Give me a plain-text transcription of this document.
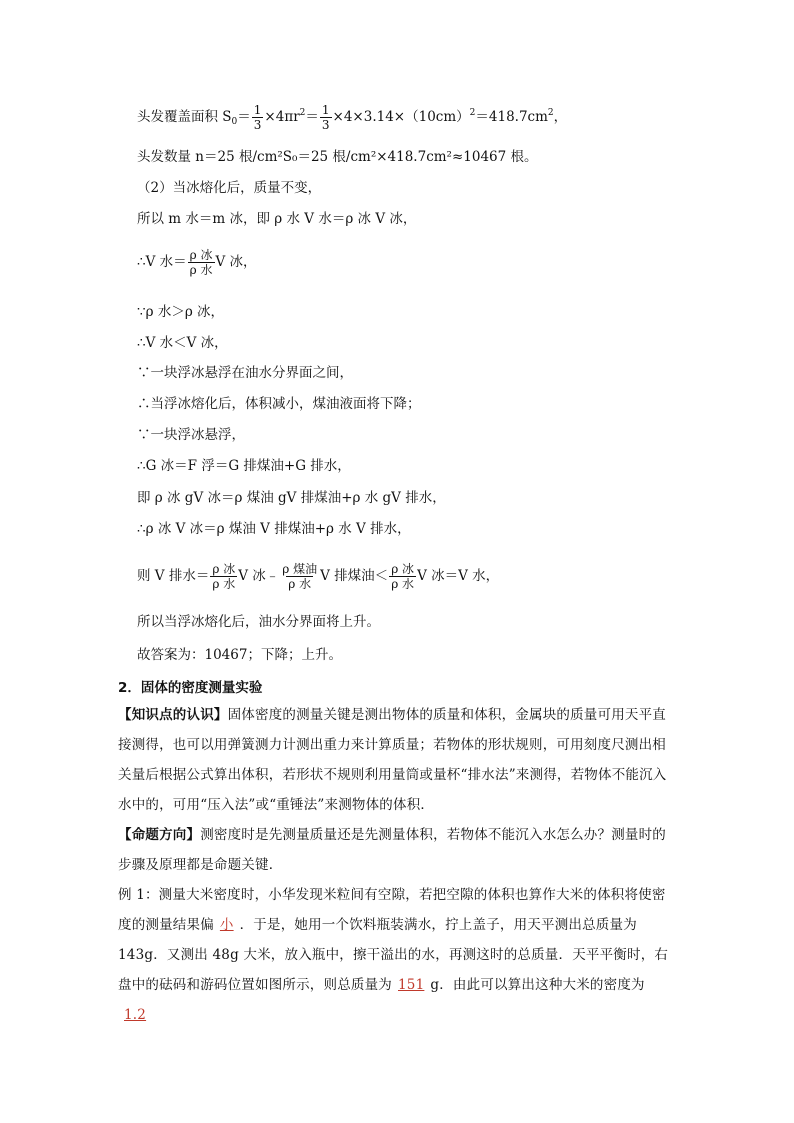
头发覆盖面积 $S_0= \frac{1}{3} \times 4\pi r^2= \frac{1}{3} \times 4\times 3.14\times(10cm)^2=418.7cm^2$，
头发数量 n＝25 根/cm²S₀＝25 根/cm²×418.7cm²≈10467 根。
（2）当冰熔化后，质量不变，
所以 m 水＝m 冰，即 ρ 水 V 水＝ρ 冰 V 冰，
∴V 水＝ $\frac{\text{ρ 冰}}{\text{ρ 水}}$ V 冰，
∵ρ 水＞ρ 冰，
∴V 水＜V 冰，
∵一块浮冰悬浮在油水分界面之间，
∴当浮冰熔化后，体积减小，煤油液面将下降；
∵一块浮冰悬浮，
∴G 冰＝F 浮＝G 排煤油+G 排水，
即 ρ 冰 gV 冰＝ρ 煤油 gV 排煤油+ρ 水 gV 排水，
∴ρ 冰 V 冰＝ρ 煤油 V 排煤油+ρ 水 V 排水，
则 V 排水＝ $\frac{\text{ρ 冰}}{\text{ρ 水}}$ V 冰﹣ $\frac{\text{ρ 煤油}}{\text{ρ 水}}$ V 排煤油＜ $\frac{\text{ρ 冰}}{\text{ρ 水}}$ V 冰＝V 水，
所以当浮冰熔化后，油水分界面将上升。
故答案为：10467；下降；上升。
2．固体的密度测量实验
【知识点的认识】固体密度的测量关键是测出物体的质量和体积，金属块的质量可用天平直接测得，也可以用弹簧测力计测出重力来计算质量；若物体的形状规则，可用刻度尺测出相关量后根据公式算出体积，若形状不规则利用量筒或量杯“排水法”来测得，若物体不能沉入水中的，可用“压入法”或“重锤法”来测物体的体积．
【命题方向】测密度时是先测量质量还是先测量体积，若物体不能沉入水怎么办？测量时的步骤及原理都是命题关键．
例 1：测量大米密度时，小华发现米粒间有空隙，若把空隙的体积也算作大米的体积将使密度的测量结果偏 小 ．于是，她用一个饮料瓶装满水，拧上盖子，用天平测出总质量为 143g．又测出 48g 大米，放入瓶中，擦干溢出的水，再测这时的总质量．天平平衡时，右盘中的砝码和游码位置如图所示，则总质量为 151 g．由此可以算出这种大米的密度为1.2
